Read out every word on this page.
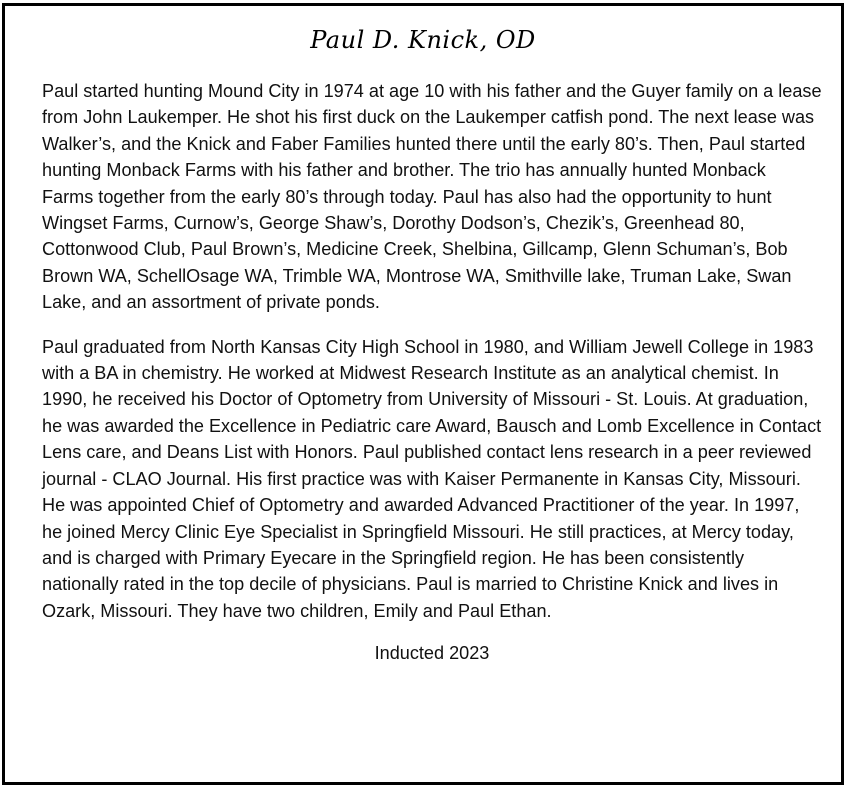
Paul D. Knick, OD

Paul started hunting Mound City in 1974 at age 10 with his father and the Guyer family on a lease from John Laukemper. He shot his first duck on the Laukemper catfish pond. The next lease was Walker’s, and the Knick and Faber Families hunted there until the early 80’s. Then, Paul started hunting Monback Farms with his father and brother. The trio has annually hunted Monback Farms together from the early 80’s through today. Paul has also had the opportunity to hunt Wingset Farms, Curnow’s, George Shaw’s, Dorothy Dodson’s, Chezik’s, Greenhead 80, Cottonwood Club, Paul Brown’s, Medicine Creek, Shelbina, Gillcamp, Glenn Schuman’s, Bob Brown WA, SchellOsage WA, Trimble WA, Montrose WA, Smithville lake, Truman Lake, Swan Lake, and an assortment of private ponds.

Paul graduated from North Kansas City High School in 1980, and William Jewell College in 1983 with a BA in chemistry. He worked at Midwest Research Institute as an analytical chemist. In 1990, he received his Doctor of Optometry from University of Missouri - St. Louis. At graduation, he was awarded the Excellence in Pediatric care Award, Bausch and Lomb Excellence in Contact Lens care, and Deans List with Honors. Paul published contact lens research in a peer reviewed journal - CLAO Journal. His first practice was with Kaiser Permanente in Kansas City, Missouri. He was appointed Chief of Optometry and awarded Advanced Practitioner of the year. In 1997, he joined Mercy Clinic Eye Specialist in Springfield Missouri. He still practices, at Mercy today, and is charged with Primary Eyecare in the Springfield region. He has been consistently nationally rated in the top decile of physicians. Paul is married to Christine Knick and lives in Ozark, Missouri. They have two children, Emily and Paul Ethan.

Inducted 2023
